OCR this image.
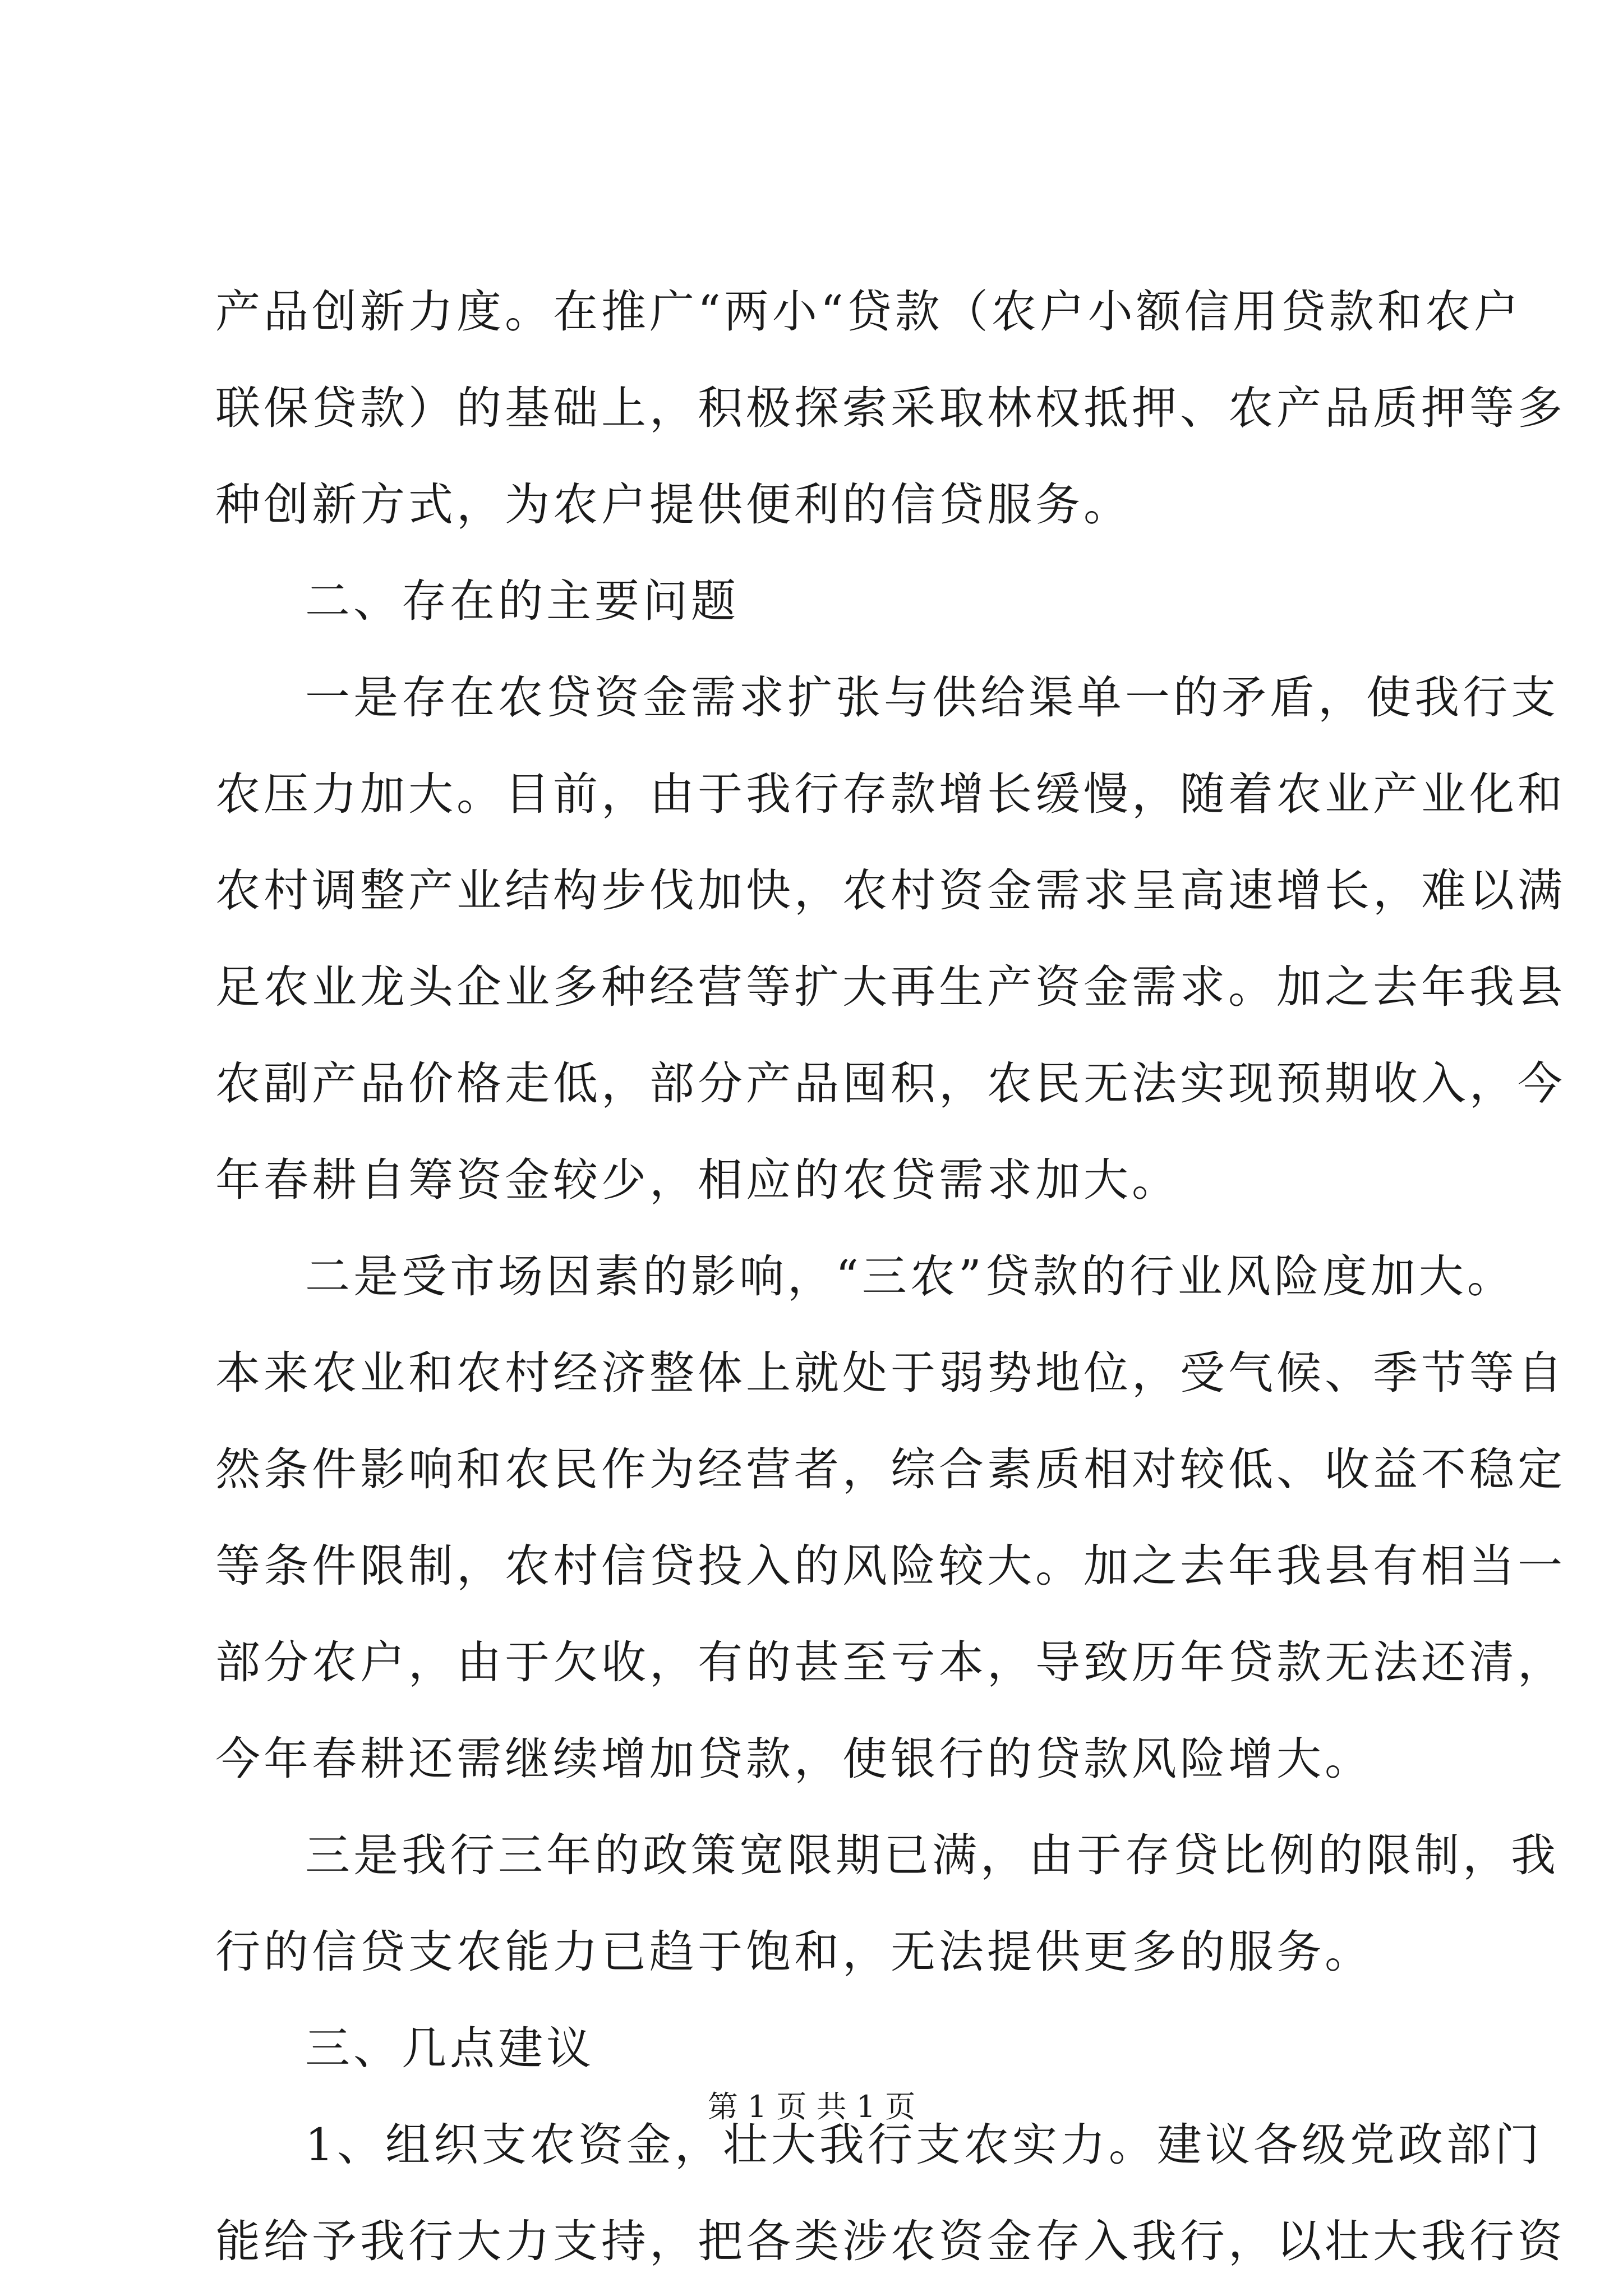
产品创新力度。在推广“两小“贷款（农户小额信用贷款和农户
联保贷款）的基础上，积极探索采取林权抵押、农产品质押等多
种创新方式，为农户提供便利的信贷服务。
二、存在的主要问题
一是存在农贷资金需求扩张与供给渠单一的矛盾，使我行支
农压力加大。目前，由于我行存款增长缓慢，随着农业产业化和
农村调整产业结构步伐加快，农村资金需求呈高速增长，难以满
足农业龙头企业多种经营等扩大再生产资金需求。加之去年我县
农副产品价格走低，部分产品囤积，农民无法实现预期收入，今
年春耕自筹资金较少，相应的农贷需求加大。
二是受市场因素的影响，“三农”贷款的行业风险度加大。
本来农业和农村经济整体上就处于弱势地位，受气候、季节等自
然条件影响和农民作为经营者，综合素质相对较低、收益不稳定
等条件限制，农村信贷投入的风险较大。加之去年我县有相当一
部分农户，由于欠收，有的甚至亏本，导致历年贷款无法还清，
今年春耕还需继续增加贷款，使银行的贷款风险增大。
三是我行三年的政策宽限期已满，由于存贷比例的限制，我
行的信贷支农能力已趋于饱和，无法提供更多的服务。
三、几点建议
1、组织支农资金，壮大我行支农实力。建议各级党政部门
能给予我行大力支持，把各类涉农资金存入我行，以壮大我行资
第 1 页 共 1 页
